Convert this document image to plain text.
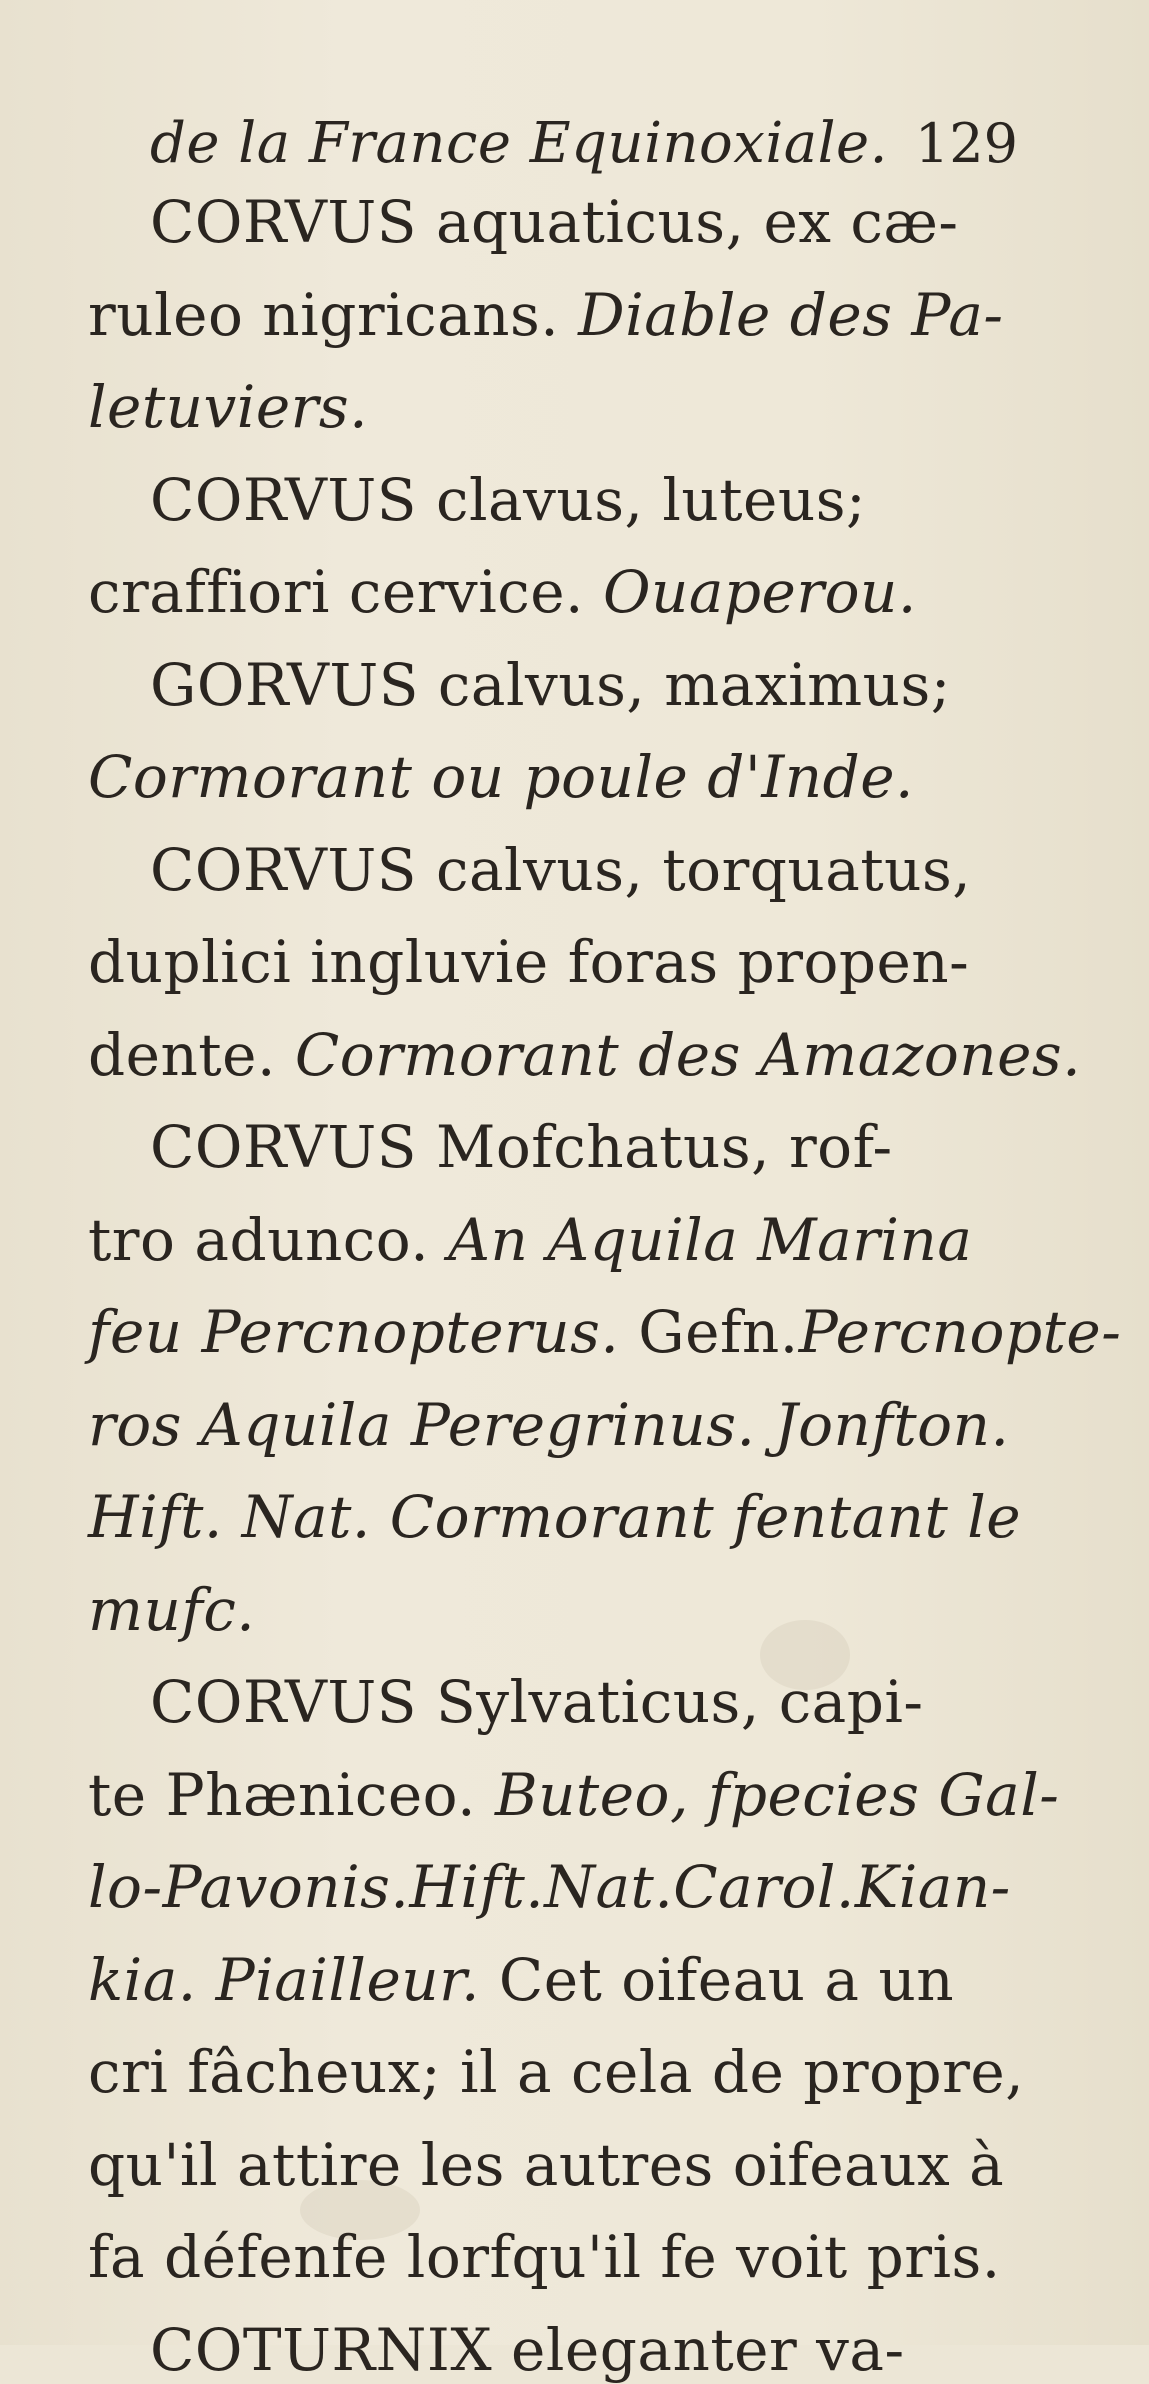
de la France Equinoxiale. 129
CORVUS aquaticus, ex cæ-
ruleo nigricans. Diable des Pa-
letuviers.
CORVUS clavus, luteus;
craffiori cervice. Ouaperou.
GORVUS calvus, maximus;
Cormorant ou poule d'Inde.
CORVUS calvus, torquatus,
duplici ingluvie foras propen-
dente. Cormorant des Amazones.
CORVUS Mofchatus, rof-
tro adunco. An Aquila Marina
feu Percnopterus. Gefn.Percnopte-
ros Aquila Peregrinus. Jonfton.
Hift. Nat. Cormorant fentant le
mufc.
CORVUS Sylvaticus, capi-
te Phæniceo. Buteo, fpecies Gal-
lo-Pavonis.Hift.Nat.Carol.Kian-
kia. Piailleur. Cet oifeau a un
cri fâcheux; il a cela de propre,
qu'il attire les autres oifeaux à
fa défenfe lorfqu'il fe voit pris.
COTURNIX eleganter va-
